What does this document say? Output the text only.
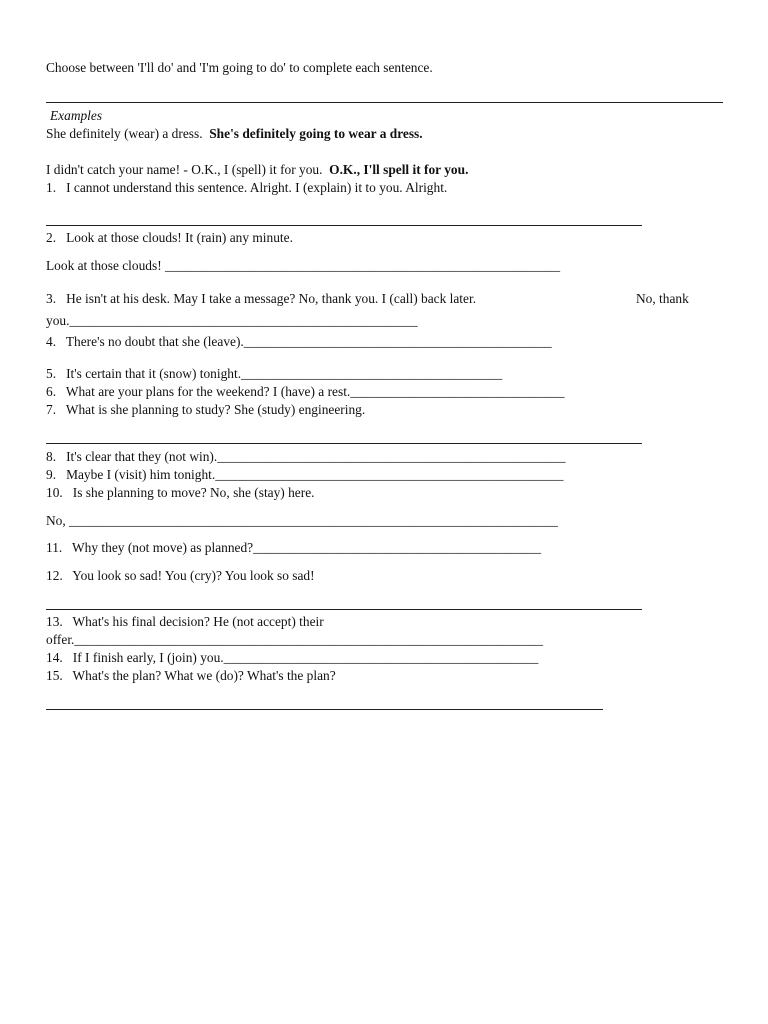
Choose between 'I'll do' and 'I'm going to do' to complete each sentence.
Examples
She definitely (wear) a dress.  She's definitely going to wear a dress.
I didn't catch your name! - O.K., I (spell) it for you.  O.K., I'll spell it for you.
1.   I cannot understand this sentence. Alright. I (explain) it to you. Alright.
2.   Look at those clouds! It (rain) any minute.
Look at those clouds! ___________________________________________________________
3.   He isn't at his desk. May I take a message? No, thank you. I (call) back later.	No, thank
you.____________________________________________________
4.   There's no doubt that she (leave).______________________________________________
5.   It's certain that it (snow) tonight._______________________________________
6.   What are your plans for the weekend? I (have) a rest.________________________________
7.   What is she planning to study? She (study) engineering.
8.   It's clear that they (not win).____________________________________________________
9.   Maybe I (visit) him tonight.____________________________________________________
10.   Is she planning to move? No, she (stay) here.
No, _________________________________________________________________________
11.   Why they (not move) as planned?___________________________________________
12.   You look so sad! You (cry)? You look so sad!
13.   What's his final decision? He (not accept) their
offer.______________________________________________________________________
14.   If I finish early, I (join) you._______________________________________________
15.   What's the plan? What we (do)? What's the plan?
